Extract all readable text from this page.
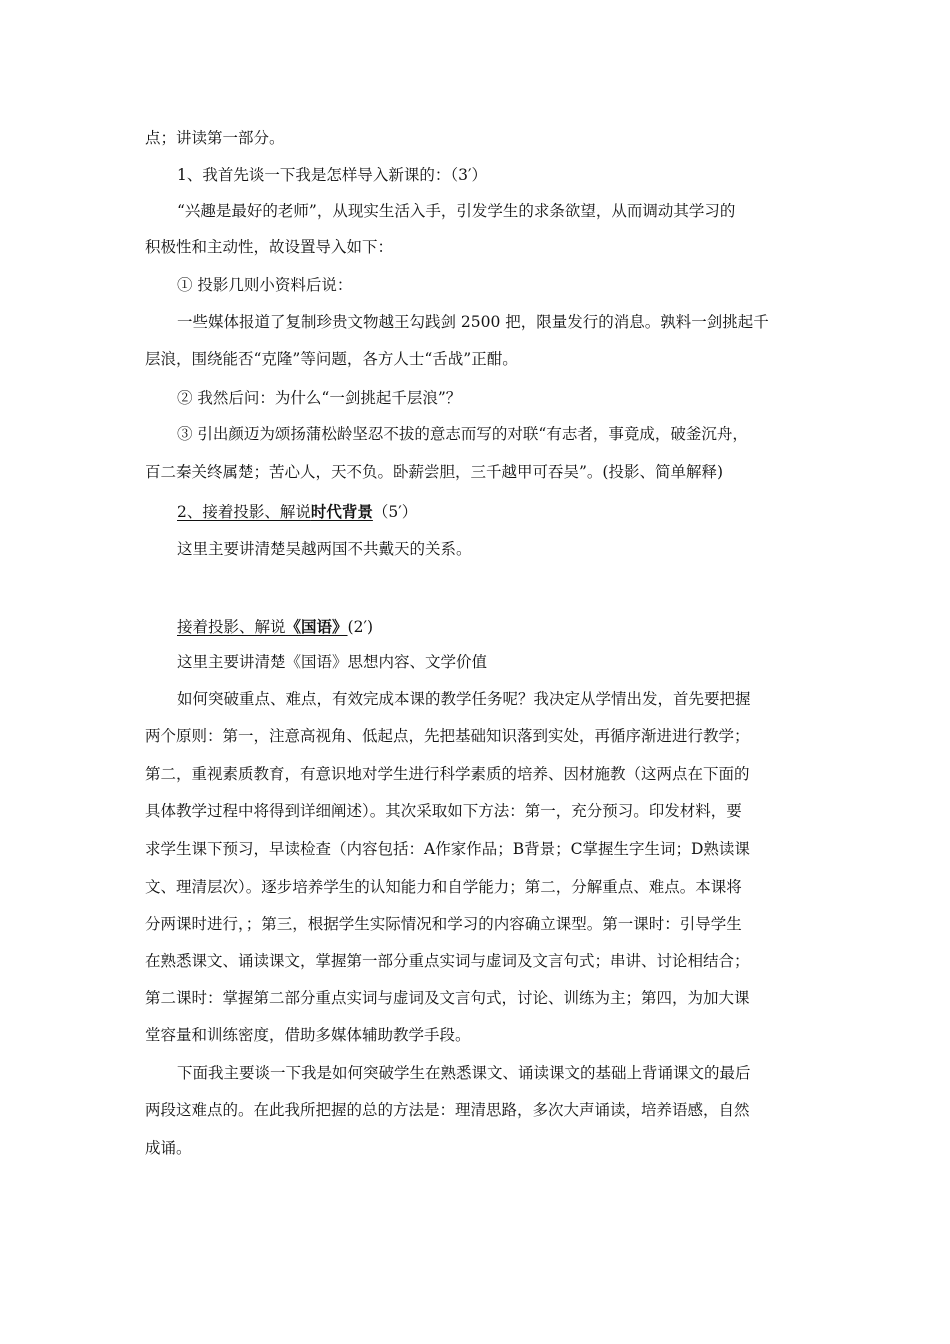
点；讲读第一部分。
1、我首先谈一下我是怎样导入新课的：（3′）
“兴趣是最好的老师”，从现实生活入手，引发学生的求条欲望，从而调动其学习的
积极性和主动性，故设置导入如下：
① 投影几则小资料后说：
一些媒体报道了复制珍贵文物越王勾践剑 2500 把，限量发行的消息。孰料一剑挑起千
层浪，围绕能否“克隆”等问题，各方人士“舌战”正酣。
② 我然后问：为什么“一剑挑起千层浪”？
③ 引出颜迈为颂扬蒲松龄坚忍不拔的意志而写的对联“有志者，事竟成，破釜沉舟，
百二秦关终属楚；苦心人，天不负。卧薪尝胆，三千越甲可吞吴”。(投影、简单解释)
2、接着投影、解说时代背景（5′）
这里主要讲清楚吴越两国不共戴天的关系。
接着投影、解说《国语》(2′)
这里主要讲清楚《国语》思想内容、文学价值
如何突破重点、难点，有效完成本课的教学任务呢？我决定从学情出发，首先要把握
两个原则：第一，注意高视角、低起点，先把基础知识落到实处，再循序渐进进行教学；
第二，重视素质教育，有意识地对学生进行科学素质的培养、因材施教（这两点在下面的
具体教学过程中将得到详细阐述）。其次采取如下方法：第一，充分预习。印发材料，要
求学生课下预习，早读检查（内容包括：A作家作品；B背景；C掌握生字生词；D熟读课
文、理清层次）。逐步培养学生的认知能力和自学能力；第二，分解重点、难点。本课将
分两课时进行，；第三，根据学生实际情况和学习的内容确立课型。第一课时：引导学生
在熟悉课文、诵读课文，掌握第一部分重点实词与虚词及文言句式；串讲、讨论相结合；
第二课时：掌握第二部分重点实词与虚词及文言句式，讨论、训练为主；第四，为加大课
堂容量和训练密度，借助多媒体辅助教学手段。
下面我主要谈一下我是如何突破学生在熟悉课文、诵读课文的基础上背诵课文的最后
两段这难点的。在此我所把握的总的方法是：理清思路，多次大声诵读，培养语感，自然
成诵。
